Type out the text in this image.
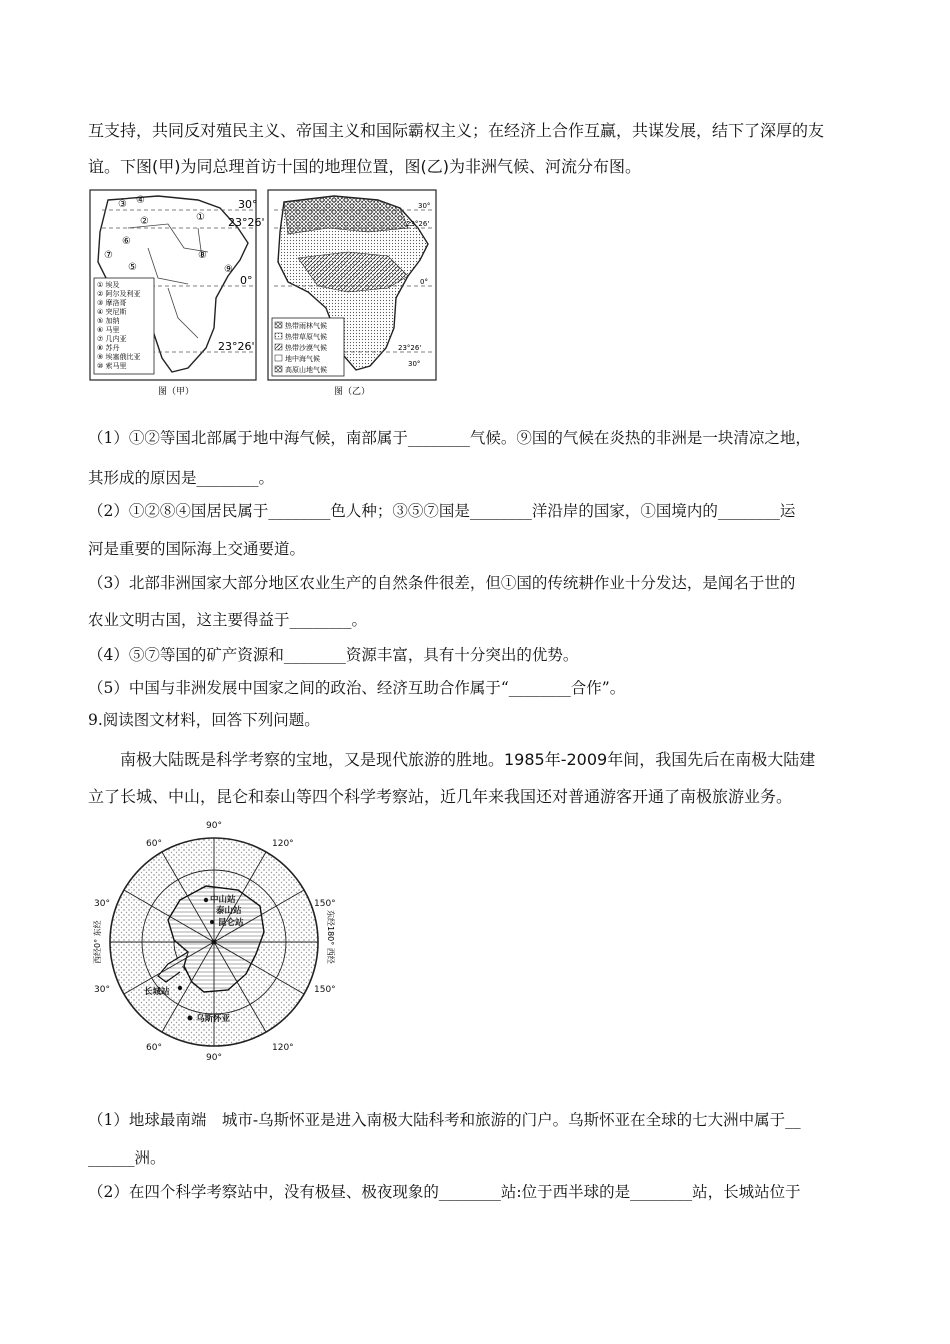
互支持，共同反对殖民主义、帝国主义和国际霸权主义；在经济上合作互赢，共谋发展，结下了深厚的友

谊。下图(甲)为同总理首访十国的地理位置，图(乙)为非洲气候、河流分布图。

30°
23°26'
0°
23°26'
③ ④
②	①
⑥
⑧
⑨
⑤
⑦
① 埃及
② 阿尔及利亚
③ 摩洛哥
④ 突尼斯
⑤ 加纳
⑥ 马里
⑦ 几内亚
⑧ 苏丹
⑨ 埃塞俄比亚
⑩ 索马里
图（甲）
30°
23°26'
0°
23°26'
30°
热带雨林气候
热带草原气候
热带沙漠气候
地中海气候
高原山地气候
图（乙）

（1）①②等国北部属于地中海气候，南部属于________气候。⑨国的气候在炎热的非洲是一块清凉之地，

其形成的原因是________。

（2）①②⑧④国居民属于________色人种；③⑤⑦国是________洋沿岸的国家，①国境内的________运

河是重要的国际海上交通要道。

（3）北部非洲国家大部分地区农业生产的自然条件很差，但①国的传统耕作业十分发达，是闻名于世的

农业文明古国，这主要得益于________。

（4）⑤⑦等国的矿产资源和________资源丰富，具有十分突出的优势。

（5）中国与非洲发展中国家之间的政治、经济互助合作属于“________合作”。

9.阅读图文材料，回答下列问题。

南极大陆既是科学考察的宝地，又是现代旅游的胜地。1985年-2009年间，我国先后在南极大陆建

立了长城、中山，昆仑和泰山等四个科学考察站，近几年来我国还对普通游客开通了南极旅游业务。

90°
90°
60°
30°
30°
60°
120°
150°
150°
120°
西经0° 东经	东经180° 西经
中山站
泰山站
昆仑站
长城站
乌斯怀亚

（1）地球最南端　城市-乌斯怀亚是进入南极大陆科考和旅游的门户。乌斯怀亚在全球的七大洲中属于__

______洲。

（2）在四个科学考察站中，没有极昼、极夜现象的________站:位于西半球的是________站，长城站位于
